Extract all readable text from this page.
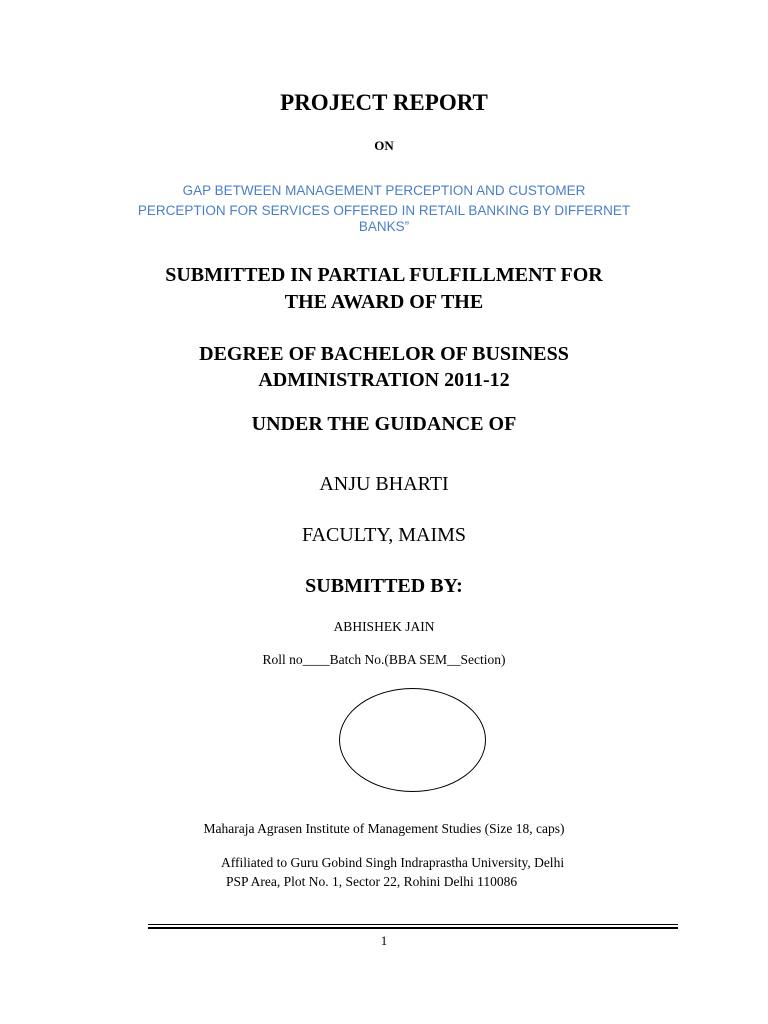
PROJECT REPORT
ON
GAP BETWEEN MANAGEMENT PERCEPTION AND CUSTOMER
PERCEPTION FOR SERVICES OFFERED IN RETAIL BANKING BY DIFFERNET
BANKS”
SUBMITTED IN PARTIAL FULFILLMENT FOR
THE AWARD OF THE
DEGREE OF BACHELOR OF BUSINESS
ADMINISTRATION 2011-12
UNDER THE GUIDANCE OF
ANJU BHARTI
FACULTY, MAIMS
SUBMITTED BY:
ABHISHEK JAIN
Roll no____Batch No.(BBA SEM__Section)
Maharaja Agrasen Institute of Management Studies (Size 18, caps)
Affiliated to Guru Gobind Singh Indraprastha University, Delhi
PSP Area, Plot No. 1, Sector 22, Rohini Delhi 110086
1
